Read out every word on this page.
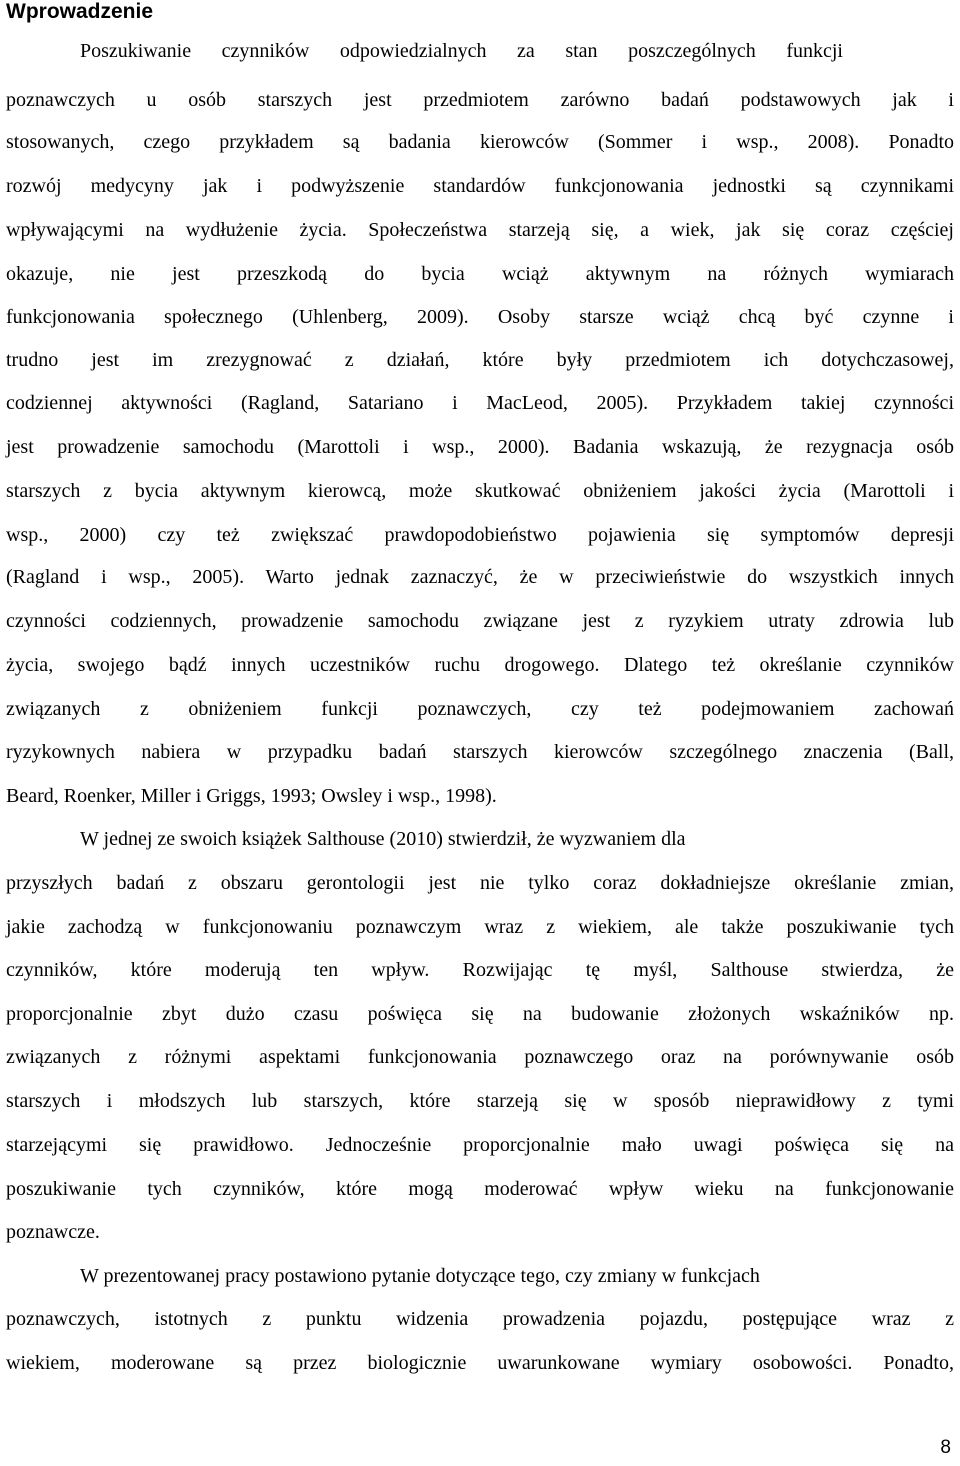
Wprowadzenie

Poszukiwanie czynników odpowiedzialnych za stan poszczególnych funkcji

poznawczych u osób starszych jest przedmiotem zarówno badań podstawowych jak i

stosowanych, czego przykładem są badania kierowców (Sommer i wsp., 2008). Ponadto

rozwój medycyny jak i podwyższenie standardów funkcjonowania jednostki są czynnikami

wpływającymi na wydłużenie życia. Społeczeństwa starzeją się, a wiek, jak się coraz częściej

okazuje, nie jest przeszkodą do bycia wciąż aktywnym na różnych wymiarach

funkcjonowania społecznego (Uhlenberg, 2009). Osoby starsze wciąż chcą być czynne i

trudno jest im zrezygnować z działań, które były przedmiotem ich dotychczasowej,

codziennej aktywności (Ragland, Satariano i MacLeod, 2005). Przykładem takiej czynności

jest prowadzenie samochodu (Marottoli i wsp., 2000). Badania wskazują, że rezygnacja osób

starszych z bycia aktywnym kierowcą, może skutkować obniżeniem jakości życia (Marottoli i

wsp., 2000) czy też zwiększać prawdopodobieństwo pojawienia się symptomów depresji

(Ragland i wsp., 2005). Warto jednak zaznaczyć, że w przeciwieństwie do wszystkich innych

czynności codziennych, prowadzenie samochodu związane jest z ryzykiem utraty zdrowia lub

życia, swojego bądź innych uczestników ruchu drogowego. Dlatego też określanie czynników

związanych z obniżeniem funkcji poznawczych, czy też podejmowaniem zachowań

ryzykownych nabiera w przypadku badań starszych kierowców szczególnego znaczenia (Ball,

Beard, Roenker, Miller i Griggs, 1993; Owsley i wsp., 1998).

W jednej ze swoich książek Salthouse (2010) stwierdził, że wyzwaniem dla

przyszłych badań z obszaru gerontologii jest nie tylko coraz dokładniejsze określanie zmian,

jakie zachodzą w funkcjonowaniu poznawczym wraz z wiekiem, ale także poszukiwanie tych

czynników, które moderują ten wpływ. Rozwijając tę myśl, Salthouse stwierdza, że

proporcjonalnie zbyt dużo czasu poświęca się na budowanie złożonych wskaźników np.

związanych z różnymi aspektami funkcjonowania poznawczego oraz na porównywanie osób

starszych i młodszych lub starszych, które starzeją się w sposób nieprawidłowy z tymi

starzejącymi się prawidłowo. Jednocześnie proporcjonalnie mało uwagi poświęca się na

poszukiwanie tych czynników, które mogą moderować wpływ wieku na funkcjonowanie

poznawcze.

W prezentowanej pracy postawiono pytanie dotyczące tego, czy zmiany w funkcjach

poznawczych, istotnych z punktu widzenia prowadzenia pojazdu, postępujące wraz z

wiekiem, moderowane są przez biologicznie uwarunkowane wymiary osobowości. Ponadto,

8
